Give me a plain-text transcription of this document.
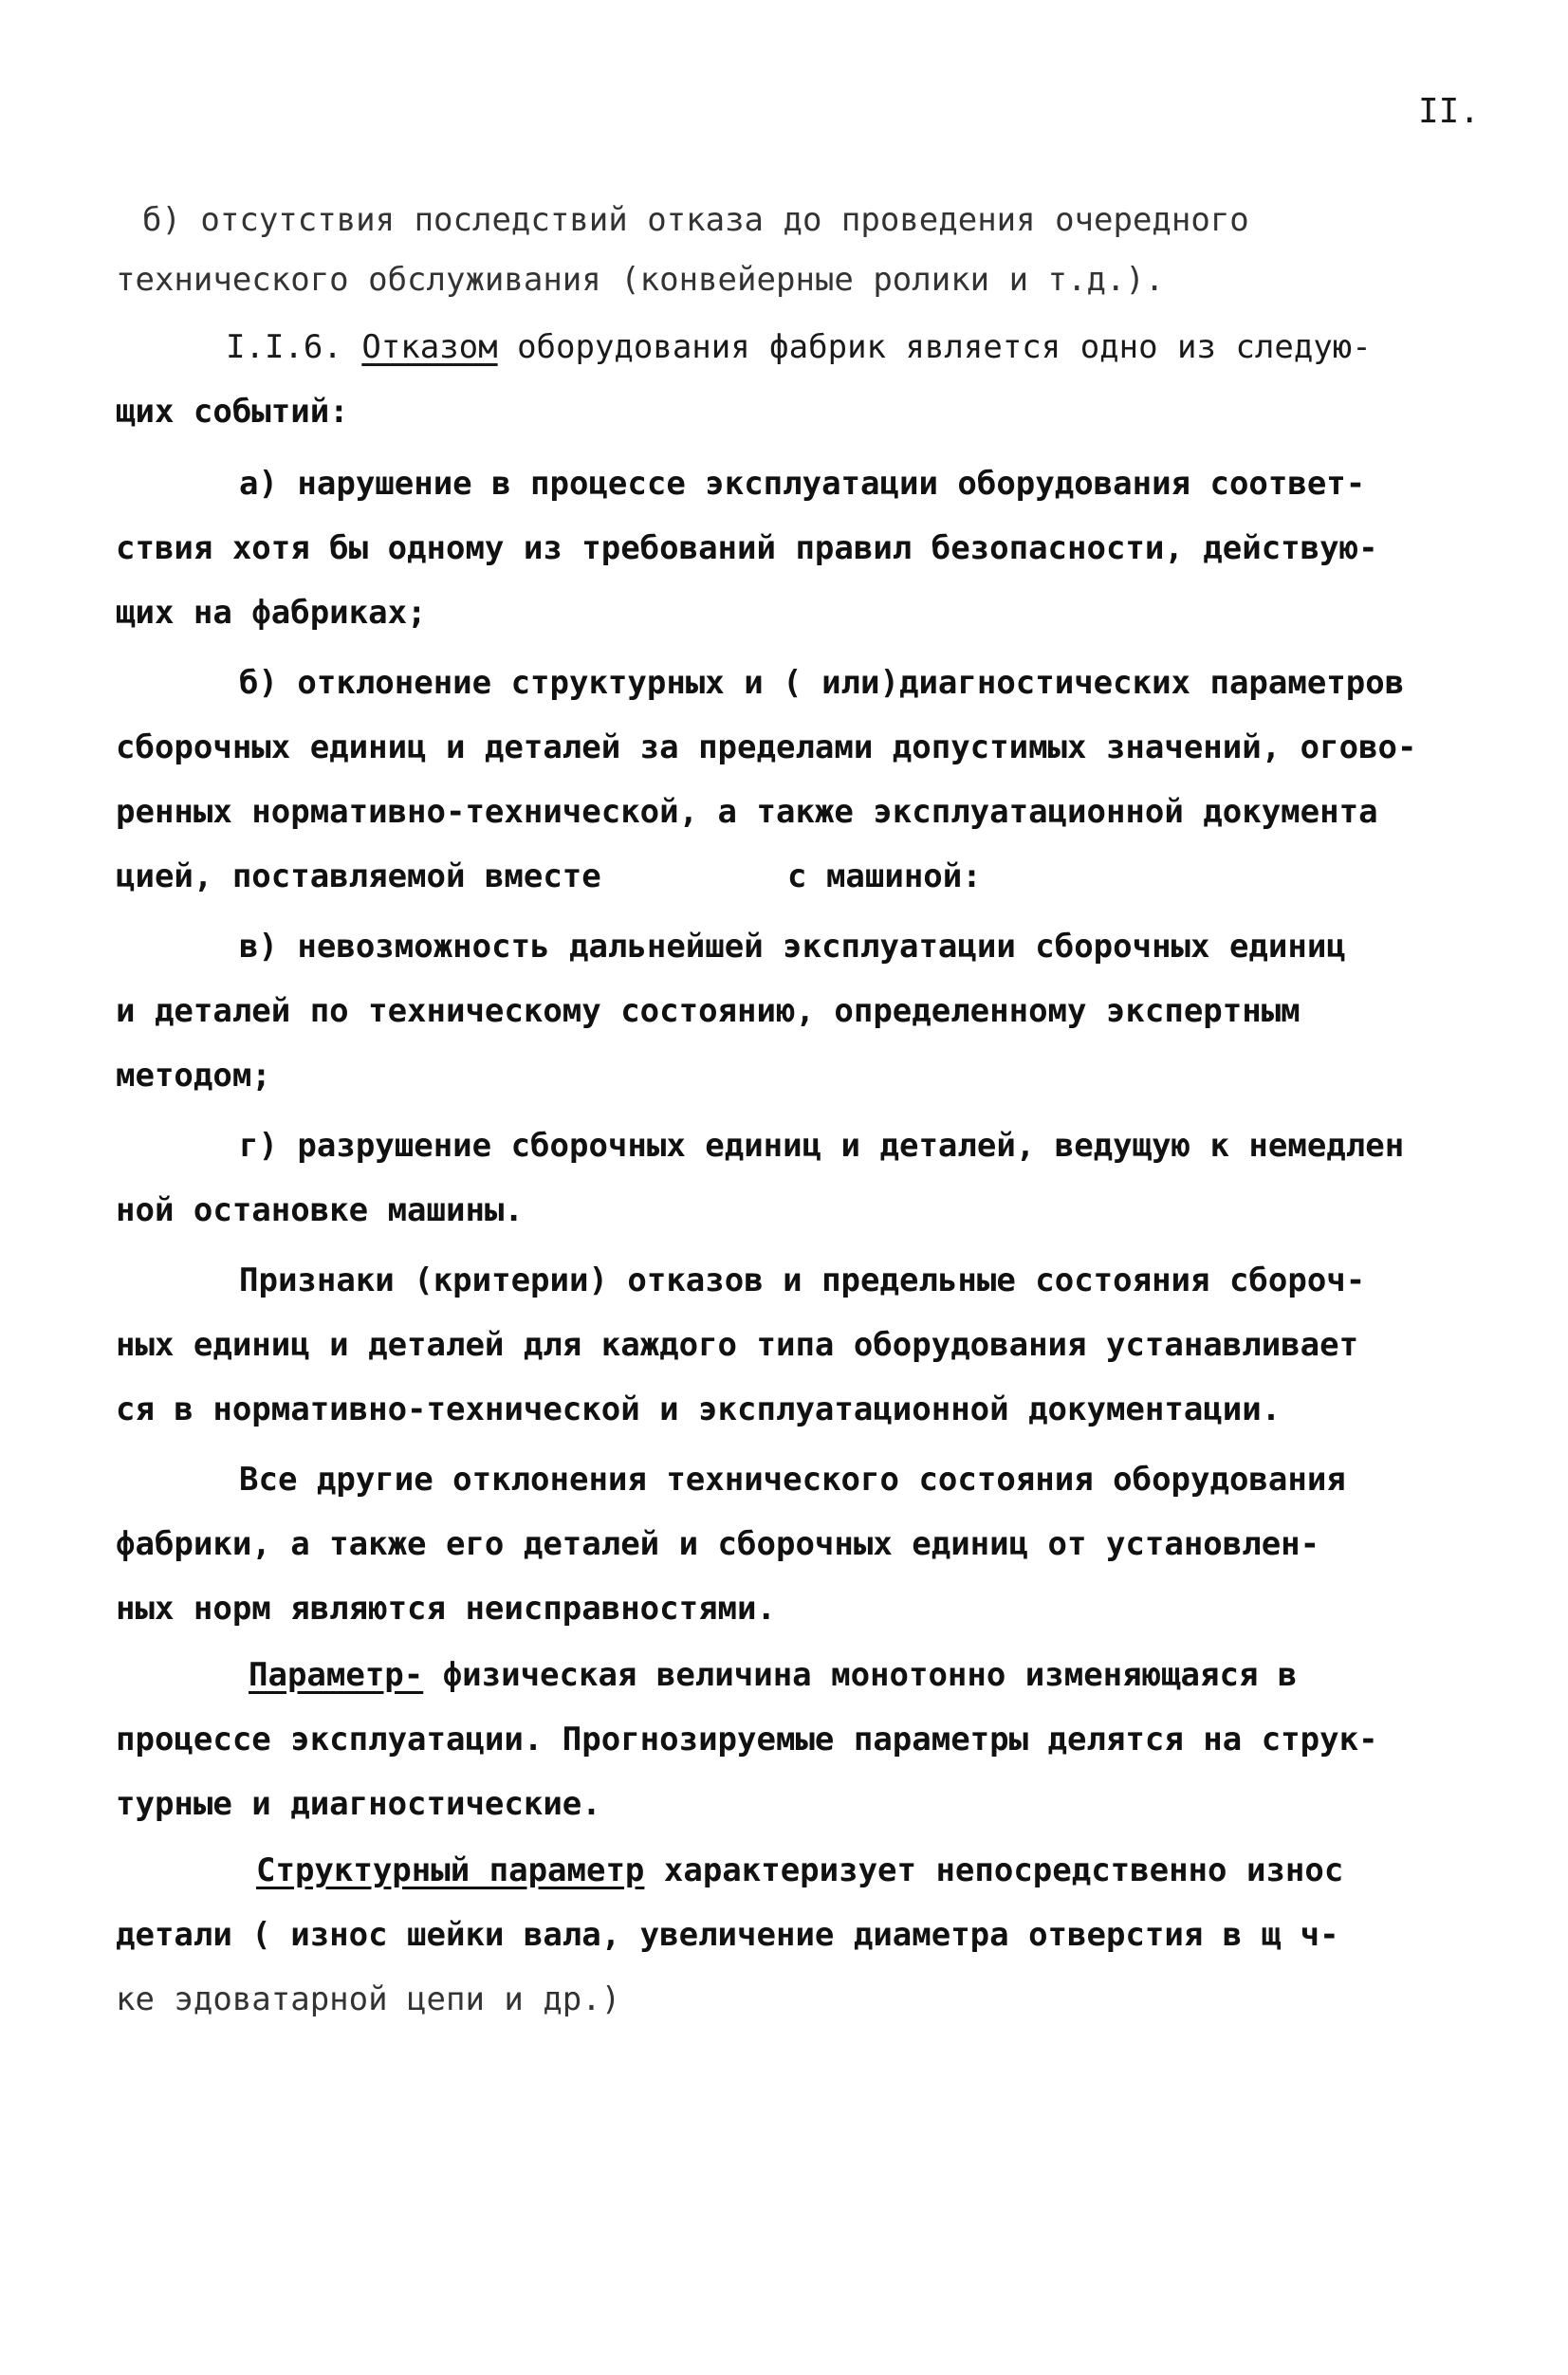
II.
б) отсутствия последствий отказа до проведения очередного
технического обслуживания (конвейерные ролики и т.д.).
I.I.6. Отказом оборудования фабрик является одно из следую-
щих событий:
а) нарушение в процессе эксплуатации оборудования соответ-
ствия хотя бы одному из требований правил безопасности, действую-
щих на фабриках;
б) отклонение структурных и ( или)диагностических параметров
сборочных единиц и деталей за пределами допустимых значений, огово-
ренных нормативно-технической, а также эксплуатационной документа
цией, поставляемой вместе	с машиной:
в) невозможность дальнейшей эксплуатации сборочных единиц
и деталей по техническому состоянию, определенному экспертным
методом;
г) разрушение сборочных единиц и деталей, ведущую к немедлен
ной остановке машины.
Признаки (критерии) отказов и предельные состояния сбороч-
ных единиц и деталей для каждого типа оборудования устанавливает
ся в нормативно-технической и эксплуатационной документации.
Все другие отклонения технического состояния оборудования
фабрики, а также его деталей и сборочных единиц от установлен-
ных норм являются неисправностями.
Параметр- физическая величина монотонно изменяющаяся в
процессе эксплуатации. Прогнозируемые параметры делятся на струк-
турные и диагностические.
Структурный параметр характеризует непосредственно износ
детали ( износ шейки вала, увеличение диаметра отверстия в щ ч-
ке эдоватарной цепи и др.)
